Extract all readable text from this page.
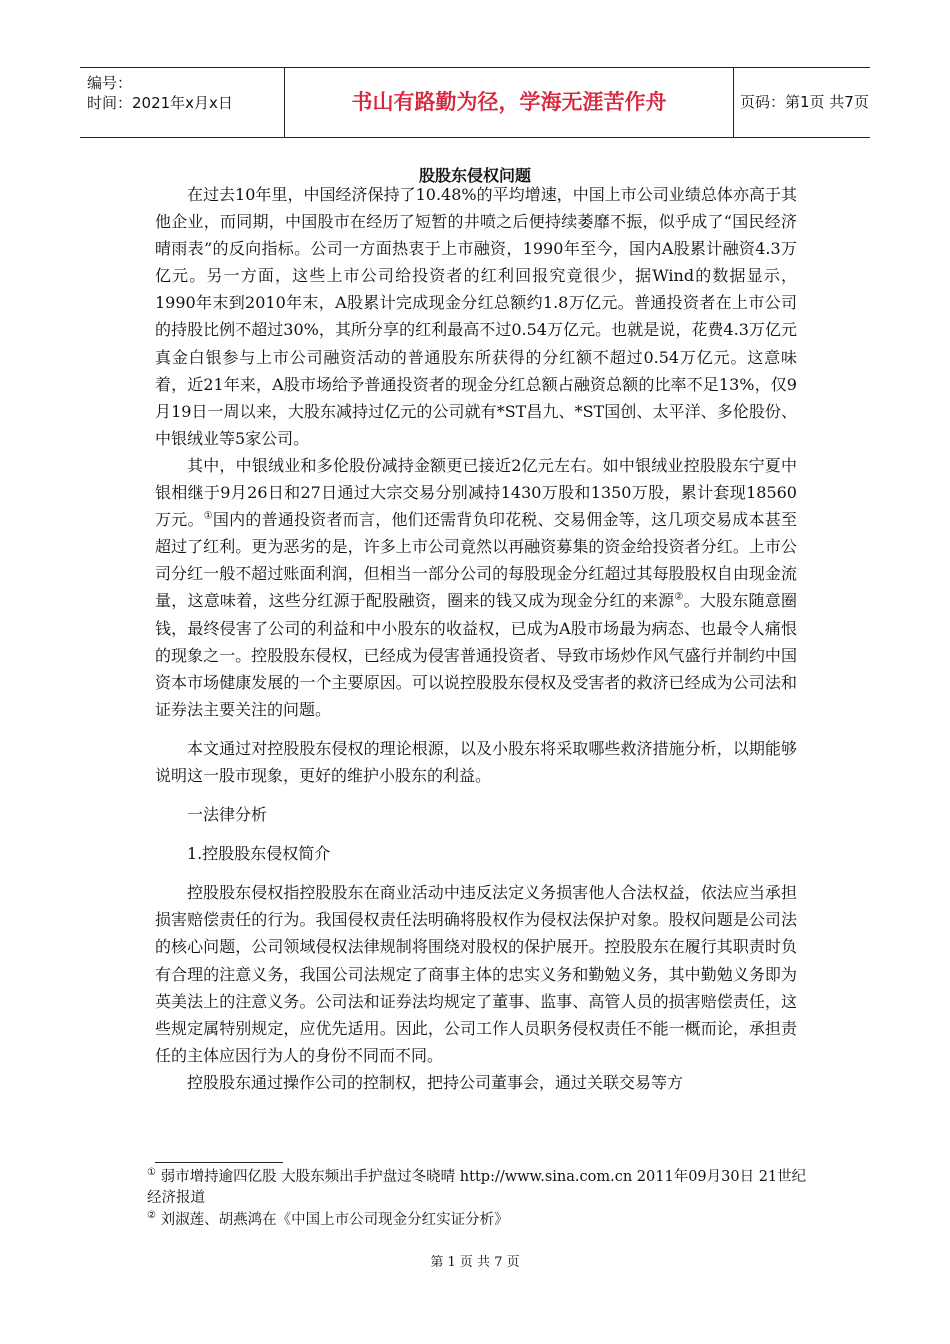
编号：
时间：2021年x月x日	书山有路勤为径，学海无涯苦作舟	页码：第1页 共7页
股股东侵权问题

在过去10年里，中国经济保持了10.48%的平均增速，中国上市公司业绩总体亦高于其他企业，而同期，中国股市在经历了短暂的井喷之后便持续萎靡不振，似乎成了“国民经济晴雨表”的反向指标。公司一方面热衷于上市融资，1990年至今，国内A股累计融资4.3万亿元。另一方面，这些上市公司给投资者的红利回报究竟很少，据Wind的数据显示，1990年末到2010年末，A股累计完成现金分红总额约1.8万亿元。普通投资者在上市公司的持股比例不超过30%，其所分享的红利最高不过0.54万亿元。也就是说，花费4.3万亿元真金白银参与上市公司融资活动的普通股东所获得的分红额不超过0.54万亿元。这意味着，近21年来，A股市场给予普通投资者的现金分红总额占融资总额的比率不足13%，仅9月19日一周以来，大股东减持过亿元的公司就有*ST昌九、*ST国创、太平洋、多伦股份、中银绒业等5家公司。

其中，中银绒业和多伦股份减持金额更已接近2亿元左右。如中银绒业控股股东宁夏中银相继于9月26日和27日通过大宗交易分别减持1430万股和1350万股，累计套现18560万元。①国内的普通投资者而言，他们还需背负印花税、交易佣金等，这几项交易成本甚至超过了红利。更为恶劣的是，许多上市公司竟然以再融资募集的资金给投资者分红。上市公司分红一般不超过账面利润，但相当一部分公司的每股现金分红超过其每股股权自由现金流量，这意味着，这些分红源于配股融资，圈来的钱又成为现金分红的来源②。大股东随意圈钱，最终侵害了公司的利益和中小股东的收益权，已成为A股市场最为病态、也最令人痛恨的现象之一。控股股东侵权，已经成为侵害普通投资者、导致市场炒作风气盛行并制约中国资本市场健康发展的一个主要原因。可以说控股股东侵权及受害者的救济已经成为公司法和证券法主要关注的问题。

本文通过对控股股东侵权的理论根源，以及小股东将采取哪些救济措施分析，以期能够说明这一股市现象，更好的维护小股东的利益。

一法律分析

1.控股股东侵权简介

控股股东侵权指控股股东在商业活动中违反法定义务损害他人合法权益，依法应当承担损害赔偿责任的行为。我国侵权责任法明确将股权作为侵权法保护对象。股权问题是公司法的核心问题，公司领域侵权法律规制将围绕对股权的保护展开。控股股东在履行其职责时负有合理的注意义务，我国公司法规定了商事主体的忠实义务和勤勉义务，其中勤勉义务即为英美法上的注意义务。公司法和证券法均规定了董事、监事、高管人员的损害赔偿责任，这些规定属特别规定，应优先适用。因此，公司工作人员职务侵权责任不能一概而论，承担责任的主体应因行为人的身份不同而不同。

控股股东通过操作公司的控制权，把持公司董事会，通过关联交易等方

① 弱市增持逾四亿股 大股东频出手护盘过冬晓晴 http://www.sina.com.cn 2011年09月30日 21世纪经济报道
② 刘淑莲、胡燕鸿在《中国上市公司现金分红实证分析》
第 1 页 共 7 页
